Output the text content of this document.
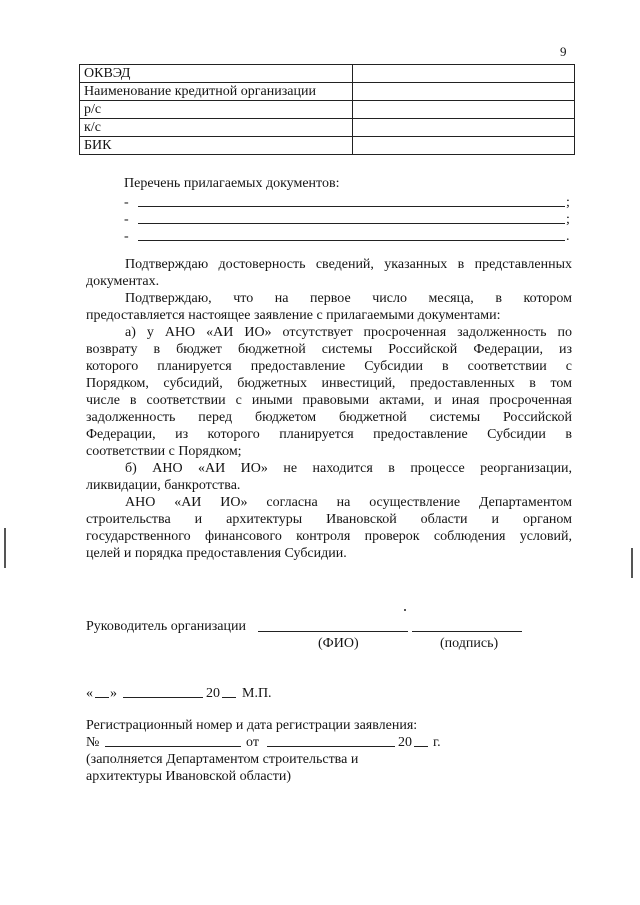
9
ОКВЭД	
Наименование кредитной организации	
р/с	
к/с	
БИК	
Перечень прилагаемых документов:
-	;
-	;
-	.
Подтверждаю достоверность сведений, указанных в представленных
документах.
Подтверждаю, что на первое число месяца, в котором
предоставляется настоящее заявление с прилагаемыми документами:
а) у АНО «АИ ИО» отсутствует просроченная задолженность по
возврату в бюджет бюджетной системы Российской Федерации, из
которого планируется предоставление Субсидии в соответствии с
Порядком, субсидий, бюджетных инвестиций, предоставленных в том
числе в соответствии с иными правовыми актами, и иная просроченная
задолженность перед бюджетом бюджетной системы Российской
Федерации, из которого планируется предоставление Субсидии в
соответствии с Порядком;
б) АНО «АИ ИО» не находится в процессе реорганизации,
ликвидации, банкротства.
АНО «АИ ИО» согласна на осуществление Департаментом
строительства и архитектуры Ивановской области и органом
государственного финансового контроля проверок соблюдения условий,
целей и порядка предоставления Субсидии.
Руководитель организации
(ФИО)	(подпись)
« »	20 М.П.
Регистрационный номер и дата регистрации заявления:
№	от	20 г.
(заполняется Департаментом строительства и
архитектуры Ивановской области)
